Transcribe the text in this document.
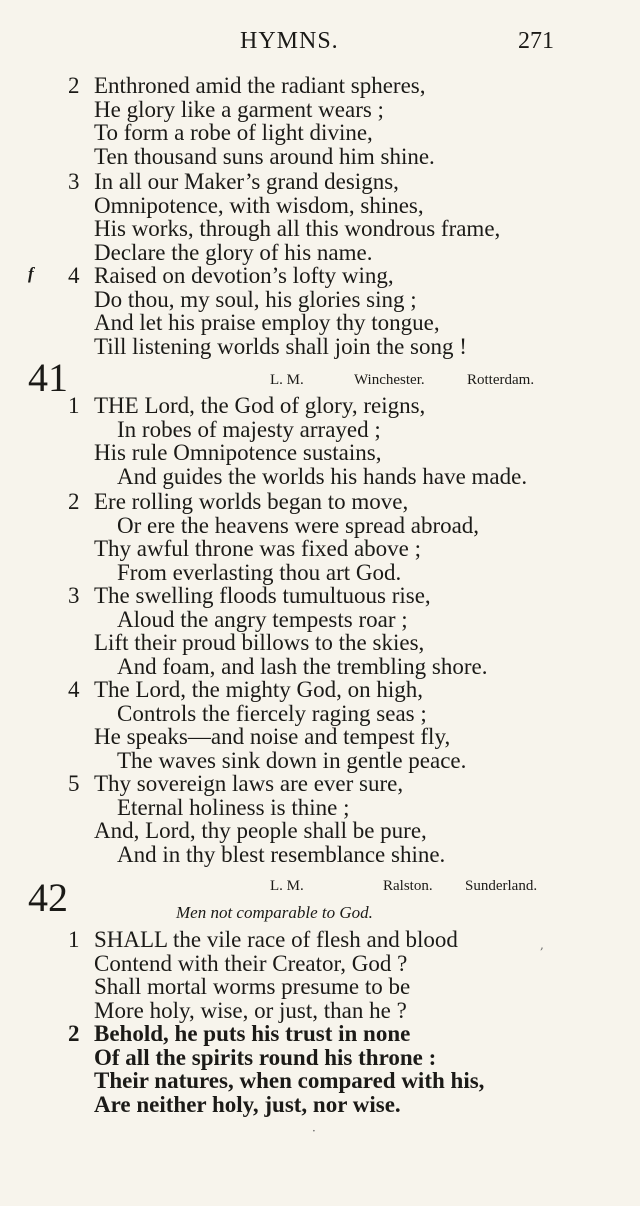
HYMNS.	271
2 Enthroned amid the radiant spheres,
He glory like a garment wears ;
To form a robe of light divine,
Ten thousand suns around him shine.
3 In all our Maker’s grand designs,
Omnipotence, with wisdom, shines,
His works, through all this wondrous frame,
Declare the glory of his name.
4
f	Raised on devotion’s lofty wing,
Do thou, my soul, his glories sing ;
And let his praise employ thy tongue,
Till listening worlds shall join the song !
41	L. M.	Winchester.	Rotterdam.
1 THE Lord, the God of glory, reigns,
In robes of majesty arrayed ;
His rule Omnipotence sustains,
And guides the worlds his hands have made.
2 Ere rolling worlds began to move,
Or ere the heavens were spread abroad,
Thy awful throne was fixed above ;
From everlasting thou art God.
3 The swelling floods tumultuous rise,
Aloud the angry tempests roar ;
Lift their proud billows to the skies,
And foam, and lash the trembling shore.
4 The Lord, the mighty God, on high,
Controls the fiercely raging seas ;
He speaks—and noise and tempest fly,
The waves sink down in gentle peace.
5 Thy sovereign laws are ever sure,
Eternal holiness is thine ;
And, Lord, thy people shall be pure,
And in thy blest resemblance shine.
42	L. M.	Ralston. Sunderland.
Men not comparable to God.
1 SHALL the vile race of flesh and blood
Contend with their Creator, God ?
Shall mortal worms presume to be
More holy, wise, or just, than he ?
2 Behold, he puts his trust in none
Of all the spirits round his throne :
Their natures, when compared with his,
Are neither holy, just, nor wise.
,
·
